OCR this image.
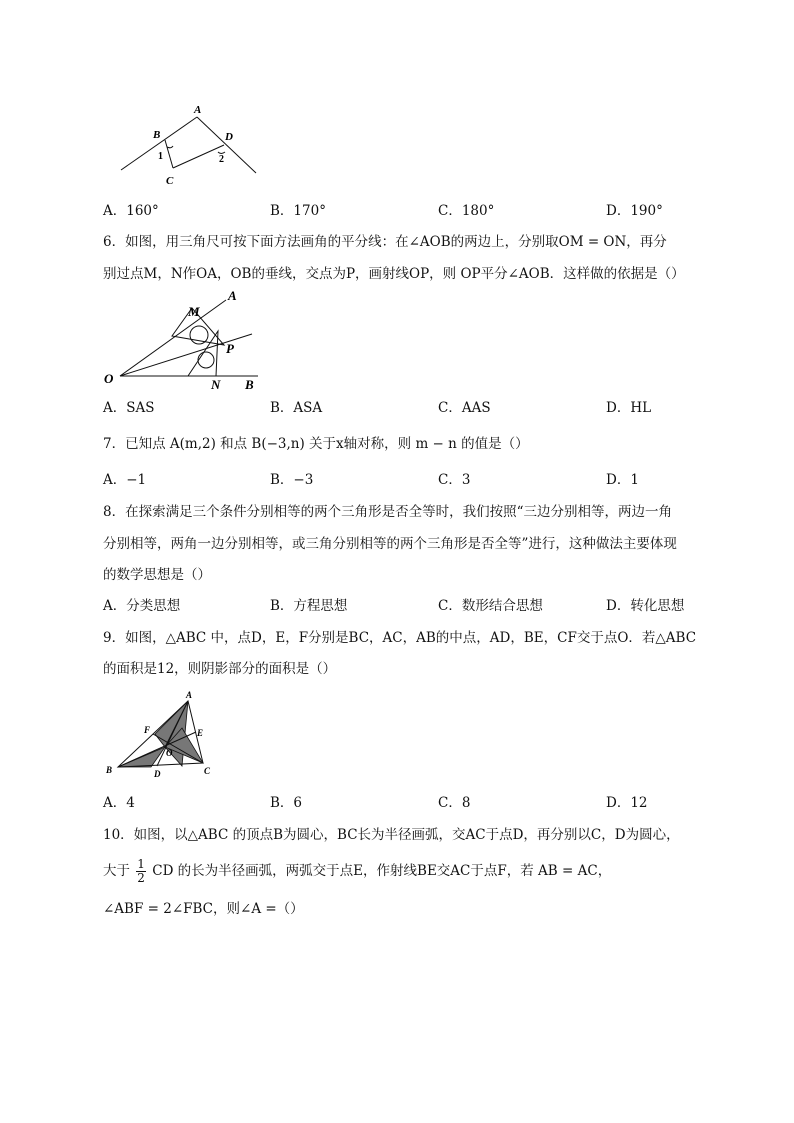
A
B	D
C
1	2
A．160°	B．170°	C．180°	D．190°
6．如图，用三角尺可按下面方法画角的平分线：在∠AOB的两边上，分别取OM = ON，再分
别过点M，N作OA，OB的垂线，交点为P，画射线OP，则 OP平分∠AOB．这样做的依据是（）
A
M
P
O	N B
A．SAS	B．ASA	C．AAS	D．HL
7．已知点 A(m,2) 和点 B(−3,n) 关于x轴对称，则 m − n 的值是（）
A．−1	B．−3	C．3	D．1
8．在探索满足三个条件分别相等的两个三角形是否全等时，我们按照“三边分别相等，两边一角
分别相等，两角一边分别相等，或三角分别相等的两个三角形是否全等”进行，这种做法主要体现
的数学思想是（）
A．分类思想	B．方程思想	C．数形结合思想	D．转化思想
9．如图，△ABC 中，点D，E，F分别是BC，AC，AB的中点，AD，BE，CF交于点O．若△ABC
的面积是12，则阴影部分的面积是（）
A
F	E
O
B	D	C
A．4	B．6	C．8	D．12
10．如图，以△ABC 的顶点B为圆心，BC长为半径画弧，交AC于点D，再分别以C，D为圆心，
大于 $\frac{1}{2}$ CD 的长为半径画弧，两弧交于点E，作射线BE交AC于点F，若 AB = AC，
∠ABF = 2∠FBC，则∠A =（）
